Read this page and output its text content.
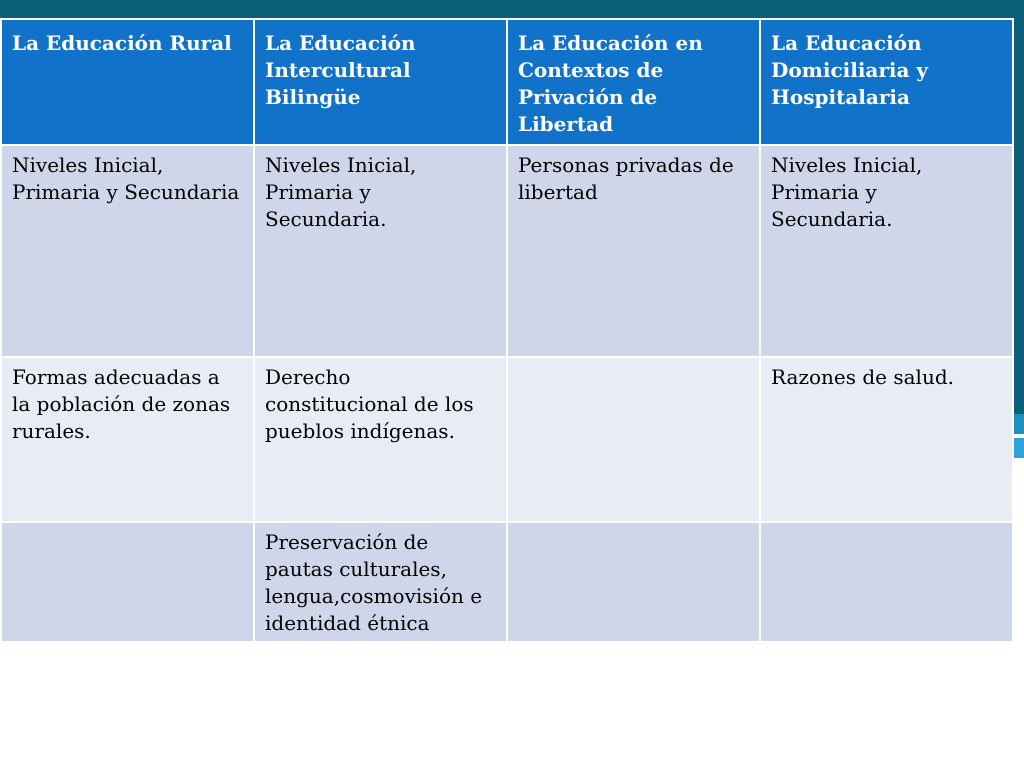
La Educación Rural	La Educación Intercultural Bilingüe	La Educación en Contextos de Privación de Libertad	La Educación Domiciliaria y Hospitalaria
Niveles Inicial, Primaria y Secundaria	Niveles Inicial, Primaria y Secundaria.	Personas privadas de libertad	Niveles Inicial, Primaria y Secundaria.
Formas adecuadas a la población de zonas rurales.	Derecho constitucional de los pueblos indígenas.		Razones de salud.
	Preservación de pautas culturales, lengua,cosmovisión e identidad étnica		
